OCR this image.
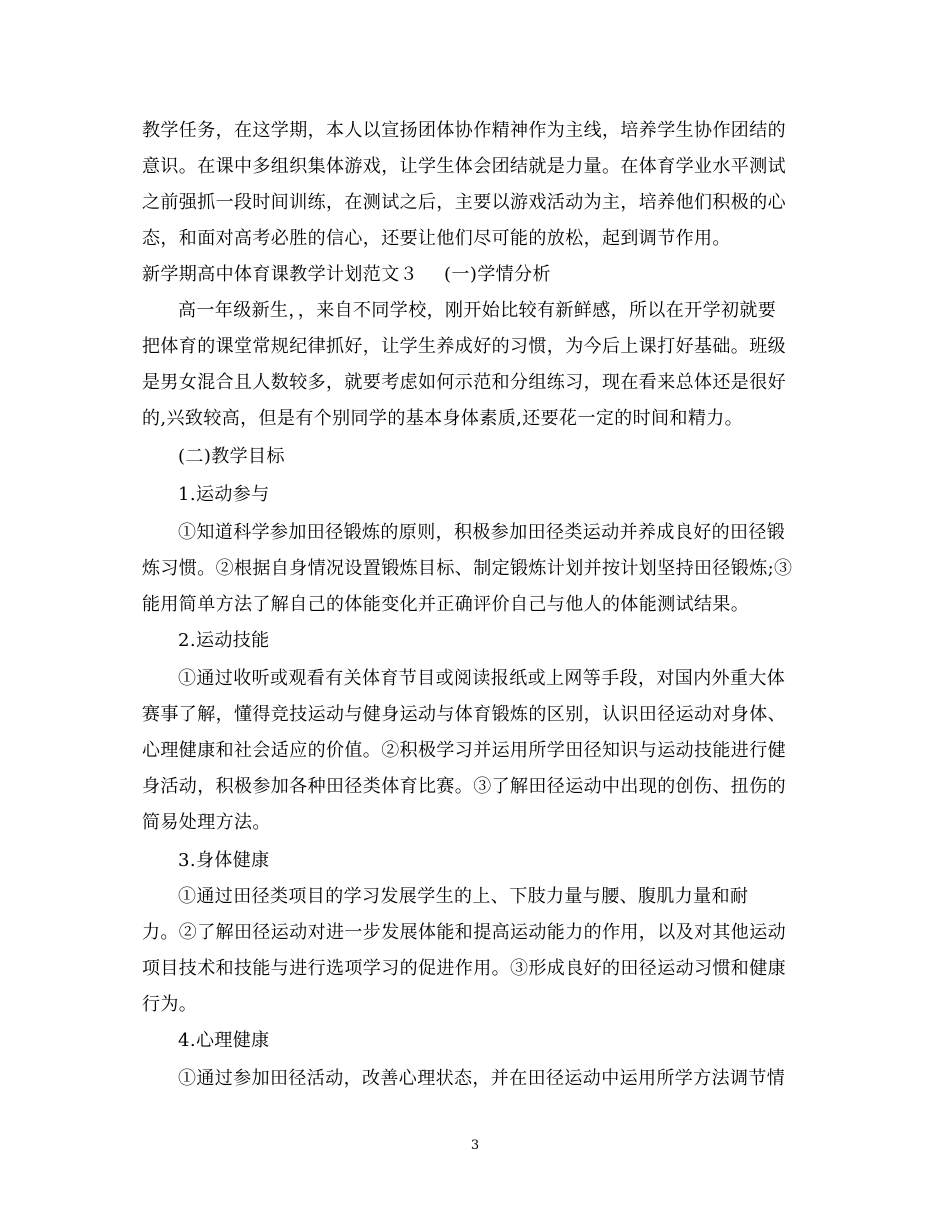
教学任务，在这学期，本人以宣扬团体协作精神作为主线，培养学生协作团结的
意识。在课中多组织集体游戏，让学生体会团结就是力量。在体育学业水平测试
之前强抓一段时间训练，在测试之后，主要以游戏活动为主，培养他们积极的心
态，和面对高考必胜的信心，还要让他们尽可能的放松，起到调节作用。
新学期高中体育课教学计划范文３ (一)学情分析
高一年级新生，，来自不同学校，刚开始比较有新鲜感，所以在开学初就要
把体育的课堂常规纪律抓好，让学生养成好的习惯，为今后上课打好基础。班级
是男女混合且人数较多，就要考虑如何示范和分组练习，现在看来总体还是很好
的,兴致较高，但是有个别同学的基本身体素质,还要花一定的时间和精力。
(二)教学目标
1.运动参与
①知道科学参加田径锻炼的原则，积极参加田径类运动并养成良好的田径锻
炼习惯。②根据自身情况设置锻炼目标、制定锻炼计划并按计划坚持田径锻炼;③
能用简单方法了解自己的体能变化并正确评价自己与他人的体能测试结果。
2.运动技能
①通过收听或观看有关体育节目或阅读报纸或上网等手段，对国内外重大体
赛事了解，懂得竞技运动与健身运动与体育锻炼的区别，认识田径运动对身体、
心理健康和社会适应的价值。②积极学习并运用所学田径知识与运动技能进行健
身活动，积极参加各种田径类体育比赛。③了解田径运动中出现的创伤、扭伤的
简易处理方法。
3.身体健康
①通过田径类项目的学习发展学生的上、下肢力量与腰、腹肌力量和耐
力。②了解田径运动对进一步发展体能和提高运动能力的作用，以及对其他运动
项目技术和技能与进行选项学习的促进作用。③形成良好的田径运动习惯和健康
行为。
4.心理健康
①通过参加田径活动，改善心理状态，并在田径运动中运用所学方法调节情
3
